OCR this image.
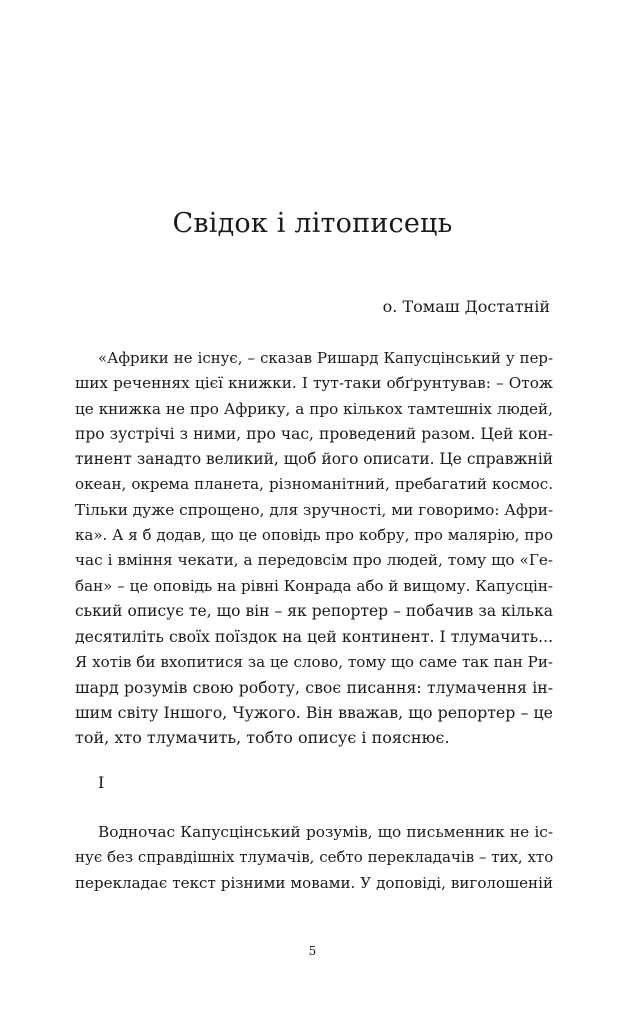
Свідок і літописець
о. Томаш Достатній
«Африки не існує, – сказав Ришард Капусцінський у пер-
ших реченнях цієї книжки. І тут-таки обґрунтував: – Отож
це книжка не про Африку, а про кількох тамтешніх людей,
про зустрічі з ними, про час, проведений разом. Цей кон-
тинент занадто великий, щоб його описати. Це справжній
океан, окрема планета, різноманітний, пребагатий космос.
Тільки дуже спрощено, для зручності, ми говоримо: Афри-
ка». А я б додав, що це оповідь про кобру, про малярію, про
час і вміння чекати, а передовсім про людей, тому що «Ге-
бан» – це оповідь на рівні Конрада або й вищому. Капусцін-
ський описує те, що він – як репортер – побачив за кілька
десятиліть своїх поїздок на цей континент. І тлумачить...
Я хотів би вхопитися за це слово, тому що саме так пан Ри-
шард розумів свою роботу, своє писання: тлумачення ін-
шим світу Іншого, Чужого. Він вважав, що репортер – це
той, хто тлумачить, тобто описує і пояснює.
I
Водночас Капусцінський розумів, що письменник не іс-
нує без справдішніх тлумачів, себто перекладачів – тих, хто
перекладає текст різними мовами. У доповіді, виголошеній
5
